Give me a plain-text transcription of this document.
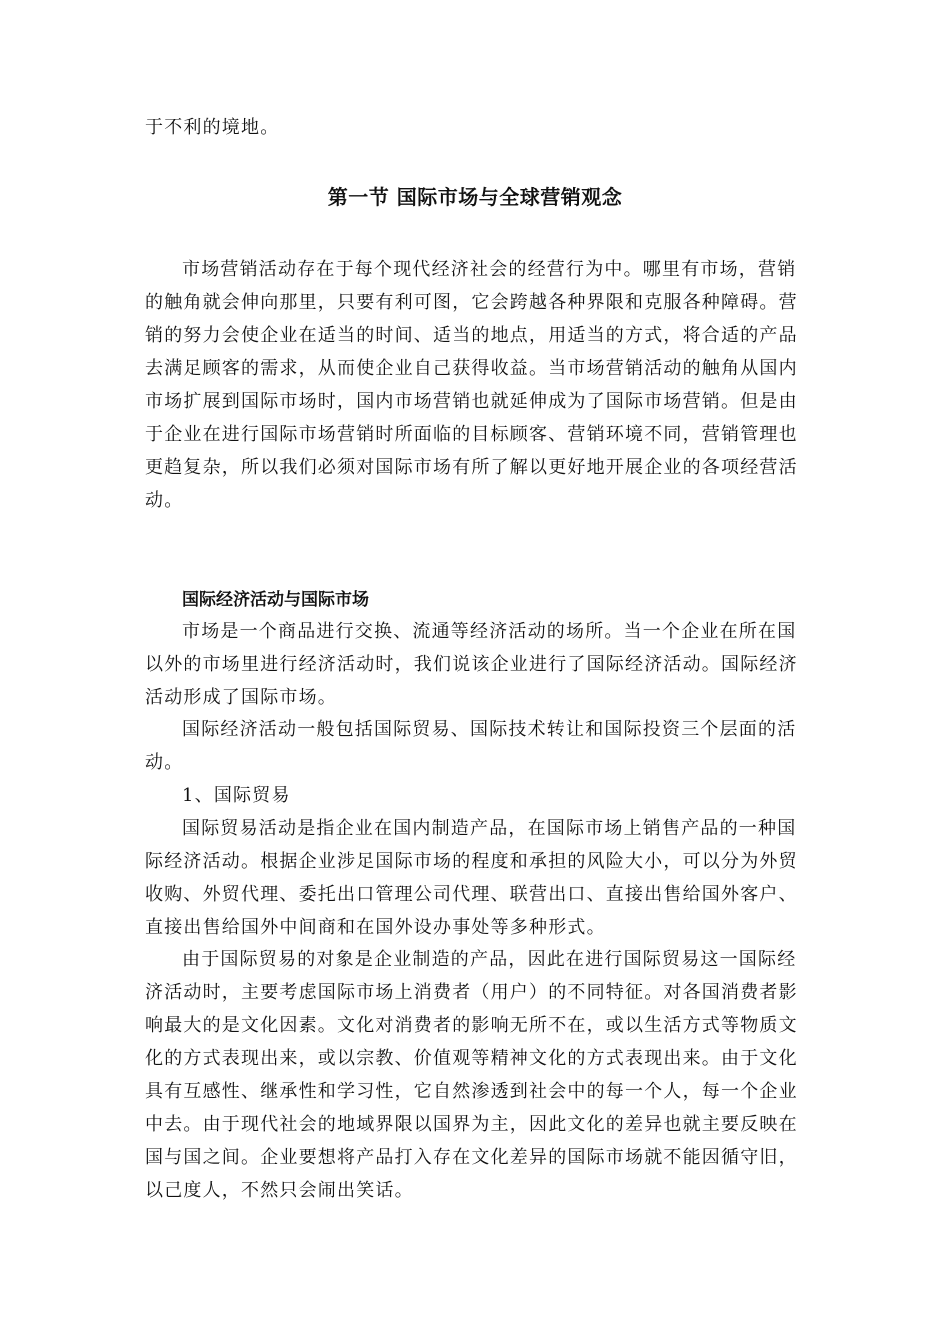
于不利的境地。
第一节 国际市场与全球营销观念
市场营销活动存在于每个现代经济社会的经营行为中。哪里有市场，营销
的触角就会伸向那里，只要有利可图，它会跨越各种界限和克服各种障碍。营
销的努力会使企业在适当的时间、适当的地点，用适当的方式，将合适的产品
去满足顾客的需求，从而使企业自己获得收益。当市场营销活动的触角从国内
市场扩展到国际市场时，国内市场营销也就延伸成为了国际市场营销。但是由
于企业在进行国际市场营销时所面临的目标顾客、营销环境不同，营销管理也
更趋复杂，所以我们必须对国际市场有所了解以更好地开展企业的各项经营活
动。
国际经济活动与国际市场
市场是一个商品进行交换、流通等经济活动的场所。当一个企业在所在国
以外的市场里进行经济活动时，我们说该企业进行了国际经济活动。国际经济
活动形成了国际市场。
国际经济活动一般包括国际贸易、国际技术转让和国际投资三个层面的活
动。
1、国际贸易
国际贸易活动是指企业在国内制造产品，在国际市场上销售产品的一种国
际经济活动。根据企业涉足国际市场的程度和承担的风险大小，可以分为外贸
收购、外贸代理、委托出口管理公司代理、联营出口、直接出售给国外客户、
直接出售给国外中间商和在国外设办事处等多种形式。
由于国际贸易的对象是企业制造的产品，因此在进行国际贸易这一国际经
济活动时，主要考虑国际市场上消费者（用户）的不同特征。对各国消费者影
响最大的是文化因素。文化对消费者的影响无所不在，或以生活方式等物质文
化的方式表现出来，或以宗教、价值观等精神文化的方式表现出来。由于文化
具有互感性、继承性和学习性，它自然渗透到社会中的每一个人，每一个企业
中去。由于现代社会的地域界限以国界为主，因此文化的差异也就主要反映在
国与国之间。企业要想将产品打入存在文化差异的国际市场就不能因循守旧，
以己度人，不然只会闹出笑话。
